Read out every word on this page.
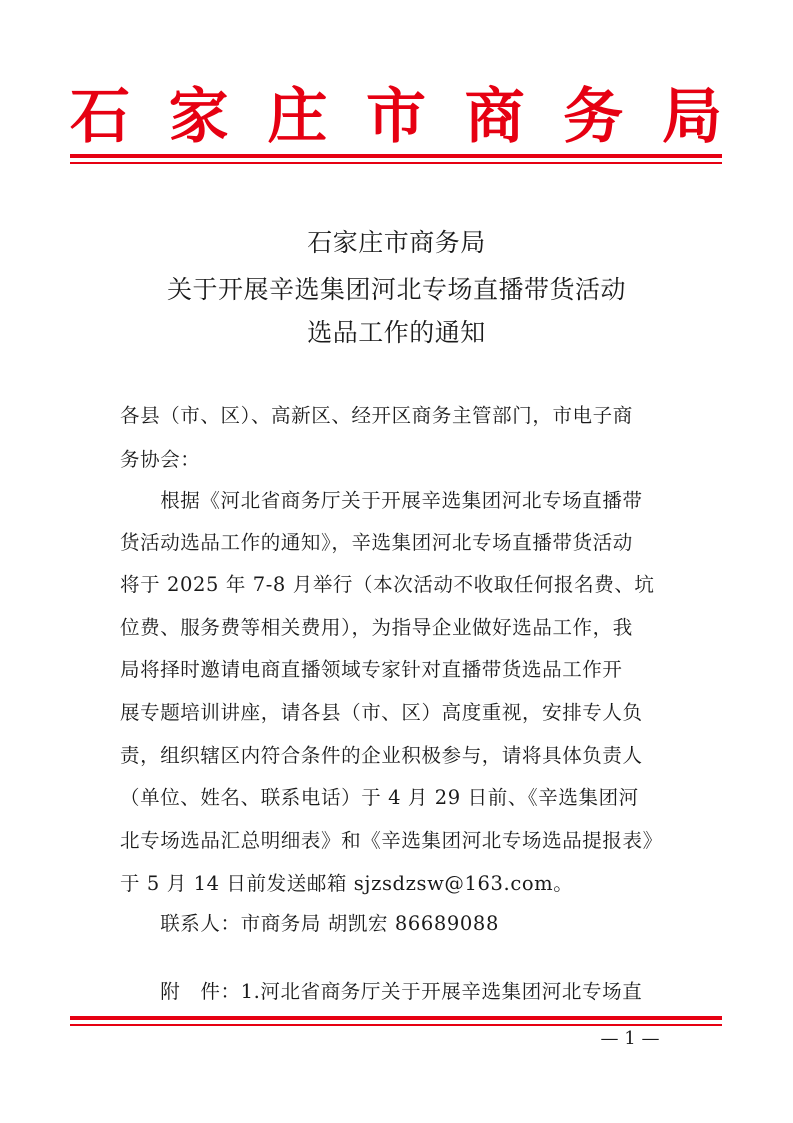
石 家 庄 市 商 务 局
石家庄市商务局
关于开展辛选集团河北专场直播带货活动
选品工作的通知
各县（市、区）、高新区、经开区商务主管部门，市电子商
务协会：
　　根据《河北省商务厅关于开展辛选集团河北专场直播带
货活动选品工作的通知》，辛选集团河北专场直播带货活动
将于 2025 年 7-8 月举行（本次活动不收取任何报名费、坑
位费、服务费等相关费用），为指导企业做好选品工作，我
局将择时邀请电商直播领域专家针对直播带货选品工作开
展专题培训讲座，请各县（市、区）高度重视，安排专人负
责，组织辖区内符合条件的企业积极参与，请将具体负责人
（单位、姓名、联系电话）于 4 月 29 日前、《辛选集团河
北专场选品汇总明细表》和《辛选集团河北专场选品提报表》
于 5 月 14 日前发送邮箱 sjzsdzsw@163.com。
　　联系人：市商务局 胡凯宏 86689088
　　附　件：1.河北省商务厅关于开展辛选集团河北专场直
— 1 —
